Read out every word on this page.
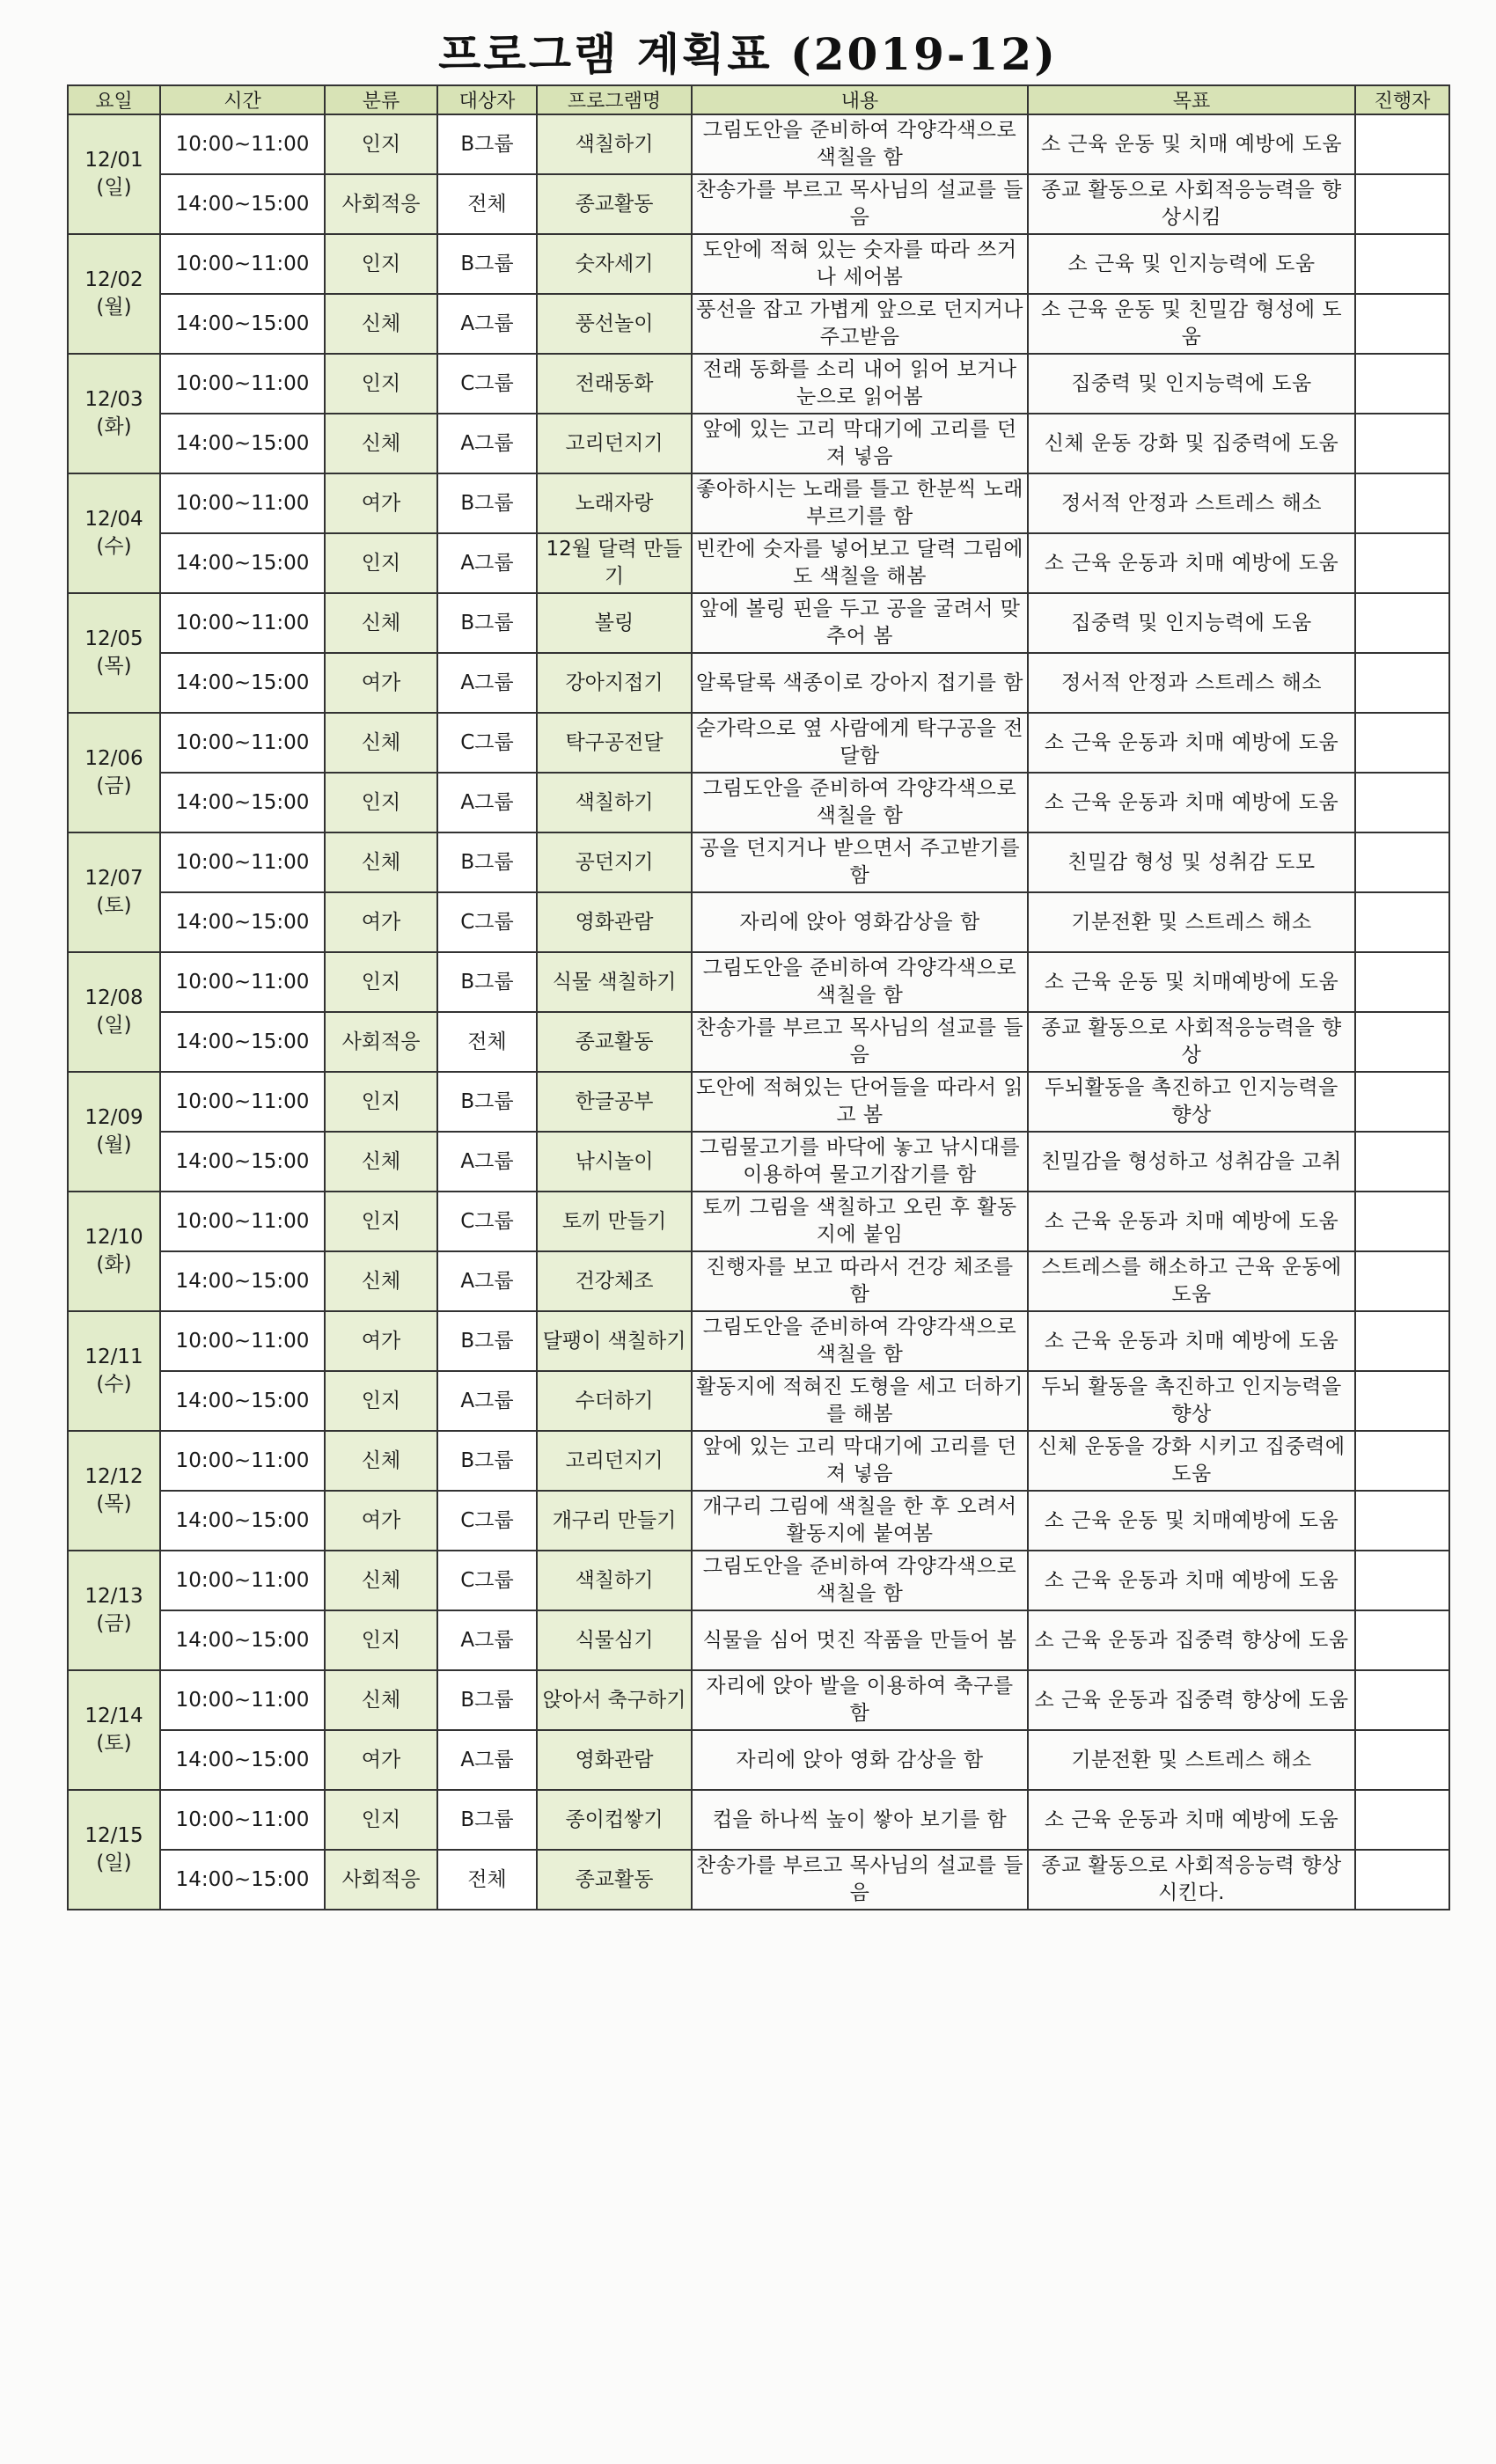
프로그램 계획표 (2019-12)
요일	시간	분류	대상자	프로그램명	내용	목표	진행자

12/01
(일)	10:00~11:00	인지	B그룹	색칠하기	그림도안을 준비하여 각양각색으로 색칠을 함	소 근육 운동 및 치매 예방에 도움	
	14:00~15:00	사회적응	전체	종교활동	찬송가를 부르고 목사님의 설교를 들음	종교 활동으로 사회적응능력을 향상시킴	

12/02
(월)	10:00~11:00	인지	B그룹	숫자세기	도안에 적혀 있는 숫자를 따라 쓰거나 세어봄	소 근육 및 인지능력에 도움	
	14:00~15:00	신체	A그룹	풍선놀이	풍선을 잡고 가볍게 앞으로 던지거나 주고받음	소 근육 운동 및 친밀감 형성에 도움	

12/03
(화)	10:00~11:00	인지	C그룹	전래동화	전래 동화를 소리 내어 읽어 보거나 눈으로 읽어봄	집중력 및 인지능력에 도움	
	14:00~15:00	신체	A그룹	고리던지기	앞에 있는 고리 막대기에 고리를 던져 넣음	신체 운동 강화 및 집중력에 도움	

12/04
(수)	10:00~11:00	여가	B그룹	노래자랑	좋아하시는 노래를 틀고 한분씩 노래 부르기를 함	정서적 안정과 스트레스 해소	
	14:00~15:00	인지	A그룹	12월 달력 만들기	빈칸에 숫자를 넣어보고 달력 그림에도 색칠을 해봄	소 근육 운동과 치매 예방에 도움	

12/05
(목)	10:00~11:00	신체	B그룹	볼링	앞에 볼링 핀을 두고 공을 굴려서 맞추어 봄	집중력 및 인지능력에 도움	
	14:00~15:00	여가	A그룹	강아지접기	알록달록 색종이로 강아지 접기를 함	정서적 안정과 스트레스 해소	

12/06
(금)	10:00~11:00	신체	C그룹	탁구공전달	숟가락으로 옆 사람에게 탁구공을 전달함	소 근육 운동과 치매 예방에 도움	
	14:00~15:00	인지	A그룹	색칠하기	그림도안을 준비하여 각양각색으로 색칠을 함	소 근육 운동과 치매 예방에 도움	

12/07
(토)	10:00~11:00	신체	B그룹	공던지기	공을 던지거나 받으면서 주고받기를 함	친밀감 형성 및 성취감 도모	
	14:00~15:00	여가	C그룹	영화관람	자리에 앉아 영화감상을 함	기분전환 및 스트레스 해소	

12/08
(일)	10:00~11:00	인지	B그룹	식물 색칠하기	그림도안을 준비하여 각양각색으로 색칠을 함	소 근육 운동 및 치매예방에 도움	
	14:00~15:00	사회적응	전체	종교활동	찬송가를 부르고 목사님의 설교를 들음	종교 활동으로 사회적응능력을 향상	

12/09
(월)	10:00~11:00	인지	B그룹	한글공부	도안에 적혀있는 단어들을 따라서 읽고 봄	두뇌활동을 촉진하고 인지능력을 향상	
	14:00~15:00	신체	A그룹	낚시놀이	그림물고기를 바닥에 놓고 낚시대를 이용하여 물고기잡기를 함	친밀감을 형성하고 성취감을 고취	

12/10
(화)	10:00~11:00	인지	C그룹	토끼 만들기	토끼 그림을 색칠하고 오린 후 활동지에 붙임	소 근육 운동과 치매 예방에 도움	
	14:00~15:00	신체	A그룹	건강체조	진행자를 보고 따라서 건강 체조를 함	스트레스를 해소하고 근육 운동에 도움	

12/11
(수)	10:00~11:00	여가	B그룹	달팽이 색칠하기	그림도안을 준비하여 각양각색으로 색칠을 함	소 근육 운동과 치매 예방에 도움	
	14:00~15:00	인지	A그룹	수더하기	활동지에 적혀진 도형을 세고 더하기를 해봄	두뇌 활동을 촉진하고 인지능력을 향상	

12/12
(목)	10:00~11:00	신체	B그룹	고리던지기	앞에 있는 고리 막대기에 고리를 던져 넣음	신체 운동을 강화 시키고 집중력에 도움	
	14:00~15:00	여가	C그룹	개구리 만들기	개구리 그림에 색칠을 한 후 오려서 활동지에 붙여봄	소 근육 운동 및 치매예방에 도움	

12/13
(금)	10:00~11:00	신체	C그룹	색칠하기	그림도안을 준비하여 각양각색으로 색칠을 함	소 근육 운동과 치매 예방에 도움	
	14:00~15:00	인지	A그룹	식물심기	식물을 심어 멋진 작품을 만들어 봄	소 근육 운동과 집중력 향상에 도움	

12/14
(토)	10:00~11:00	신체	B그룹	앉아서 축구하기	자리에 앉아 발을 이용하여 축구를 함	소 근육 운동과 집중력 향상에 도움	
	14:00~15:00	여가	A그룹	영화관람	자리에 앉아 영화 감상을 함	기분전환 및 스트레스 해소	

12/15
(일)	10:00~11:00	인지	B그룹	종이컵쌓기	컵을 하나씩 높이 쌓아 보기를 함	소 근육 운동과 치매 예방에 도움	
	14:00~15:00	사회적응	전체	종교활동	찬송가를 부르고 목사님의 설교를 들음	종교 활동으로 사회적응능력 향상시킨다.	
